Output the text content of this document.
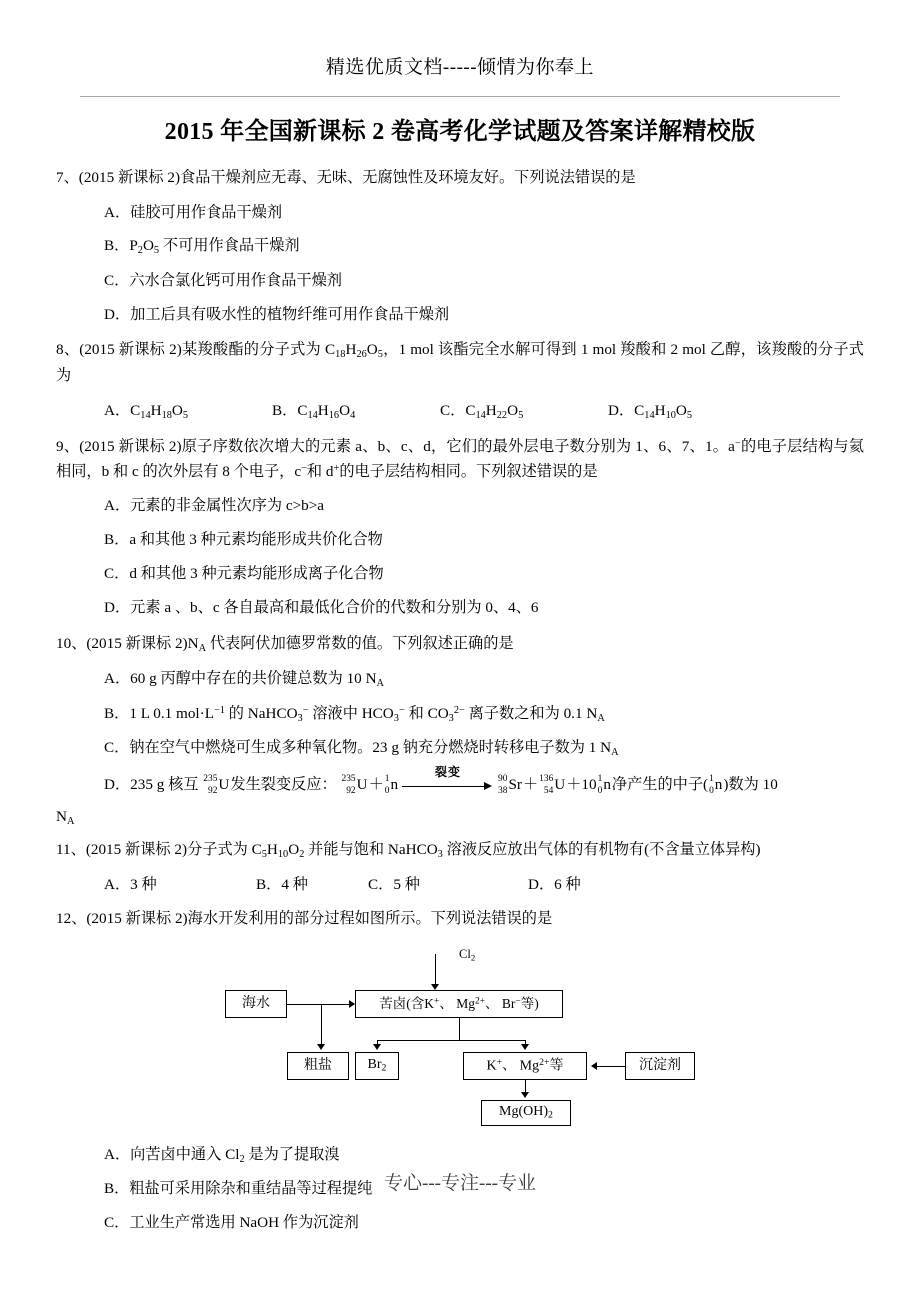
精选优质文档-----倾情为你奉上
2015 年全国新课标 2 卷高考化学试题及答案详解精校版
7、(2015 新课标 2)食品干燥剂应无毒、无味、无腐蚀性及环境友好。下列说法错误的是
A．硅胶可用作食品干燥剂
B．$P_2O_5$ 不可用作食品干燥剂
C．六水合氯化钙可用作食品干燥剂
D．加工后具有吸水性的植物纤维可用作食品干燥剂
8、(2015 新课标 2)某羧酸酯的分子式为 $C_{18}H_{26}O_5$，1 mol 该酯完全水解可得到 1 mol 羧酸和 2 mol 乙醇，该羧酸的分子式为
A．$C_{14}H_{18}O_5$	B．$C_{14}H_{16}O_4$	C．$C_{14}H_{22}O_5$	D．$C_{14}H_{10}O_5$
9、(2015 新课标 2)原子序数依次增大的元素 a、b、c、d，它们的最外层电子数分别为 1、6、7、1。a−的电子层结构与氦相同，b 和 c 的次外层有 8 个电子，c−和 d+的电子层结构相同。下列叙述错误的是
A．元素的非金属性次序为 c>b>a
B．a 和其他 3 种元素均能形成共价化合物
C．d 和其他 3 种元素均能形成离子化合物
D．元素 a 、b、c 各自最高和最低化合价的代数和分别为 0、4、6
10、(2015 新课标 $2)N_A$ 代表阿伏加德罗常数的值。下列叙述正确的是
A．60 g 丙醇中存在的共价键总数为 10 $N_A$
B．1 L 0.1 $mol\cdot L^{-1}$ 的 NaHCO$_3$− 溶液中 $HCO_3^-$ 和 $CO_3^{2-}$ 离子数之和为 0.1 $N_A$
C．钠在空气中燃烧可生成多种氧化物。23 g 钠充分燃烧时转移电子数为 1 $N_A$
D．235 g 核互 235
92 U发生裂变反应： 235
92 U＋ 1
0 n
裂变
90
38 Sr＋ 136
54 U＋10 1
0 n净产生的中子( 1
0 n)数为 10
$N_A$
11、(2015 新课标 2)分子式为 $C_5H_{10}O_2$ 并能与饱和 NaHCO$_3$ 溶液反应放出气体的有机物有(不含量立体异构)
A．3 种	B．4 种	C．5 种	D．6 种
12、(2015 新课标 2)海水开发利用的部分过程如图所示。下列说法错误的是
$Cl_2$
海水	苦卤(含K+、 $Mg^{2+}$、 Br−等)
粗盐	$Br_2$	K+、 $Mg^{2+}$等	沉淀剂
$Mg(OH)_2$
A．向苦卤中通入 $Cl_2$ 是为了提取溴
B．粗盐可采用除杂和重结晶等过程提纯
C．工业生产常选用 NaOH 作为沉淀剂
专心---专注---专业
